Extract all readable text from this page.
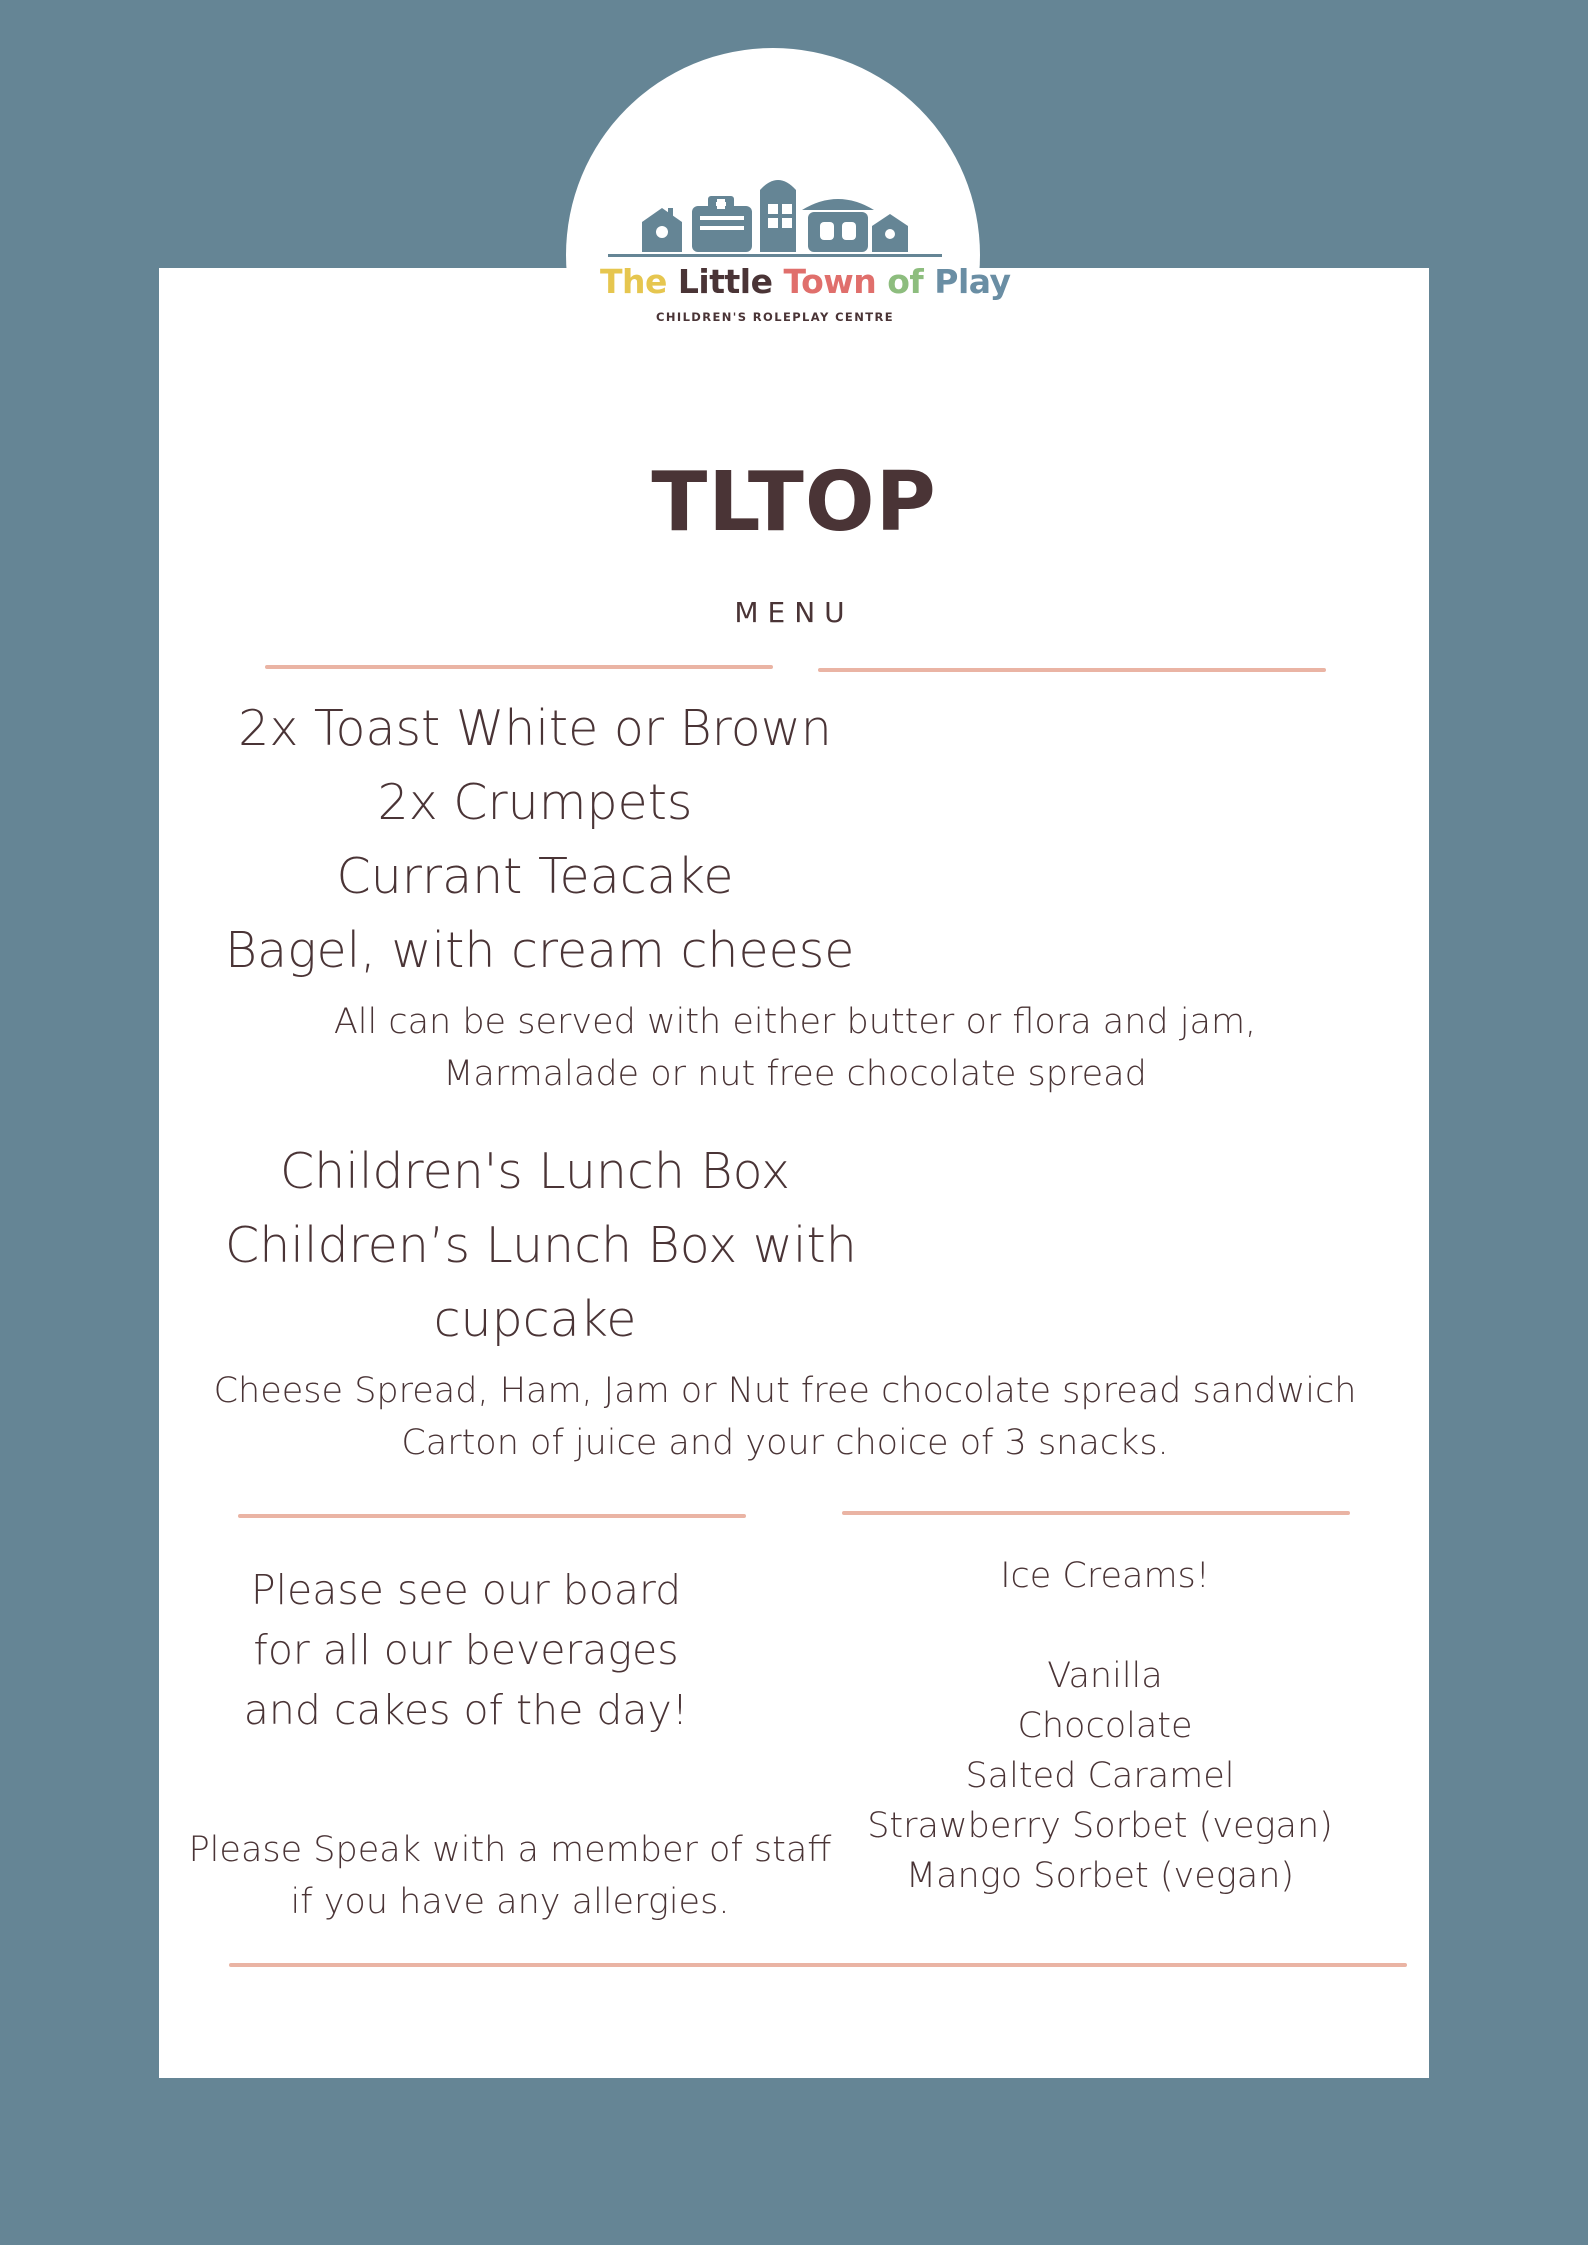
The Little Town of Play
CHILDREN'S ROLEPLAY CENTRE
TLTOP
MENU
2x Toast White or Brown
2x Crumpets
Currant Teacake
Bagel, with cream cheese
All can be served with either butter or flora and jam,
Marmalade or nut free chocolate spread
Children's Lunch Box
Children’s Lunch Box with
cupcake
Cheese Spread, Ham, Jam or Nut free chocolate spread sandwich
Carton of juice and your choice of 3 snacks.
Please see our board
for all our beverages
and cakes of the day!
Please Speak with a member of staff
if you have any allergies.
Ice Creams!
Vanilla
Chocolate
Salted Caramel
Strawberry Sorbet (vegan)
Mango Sorbet (vegan)
